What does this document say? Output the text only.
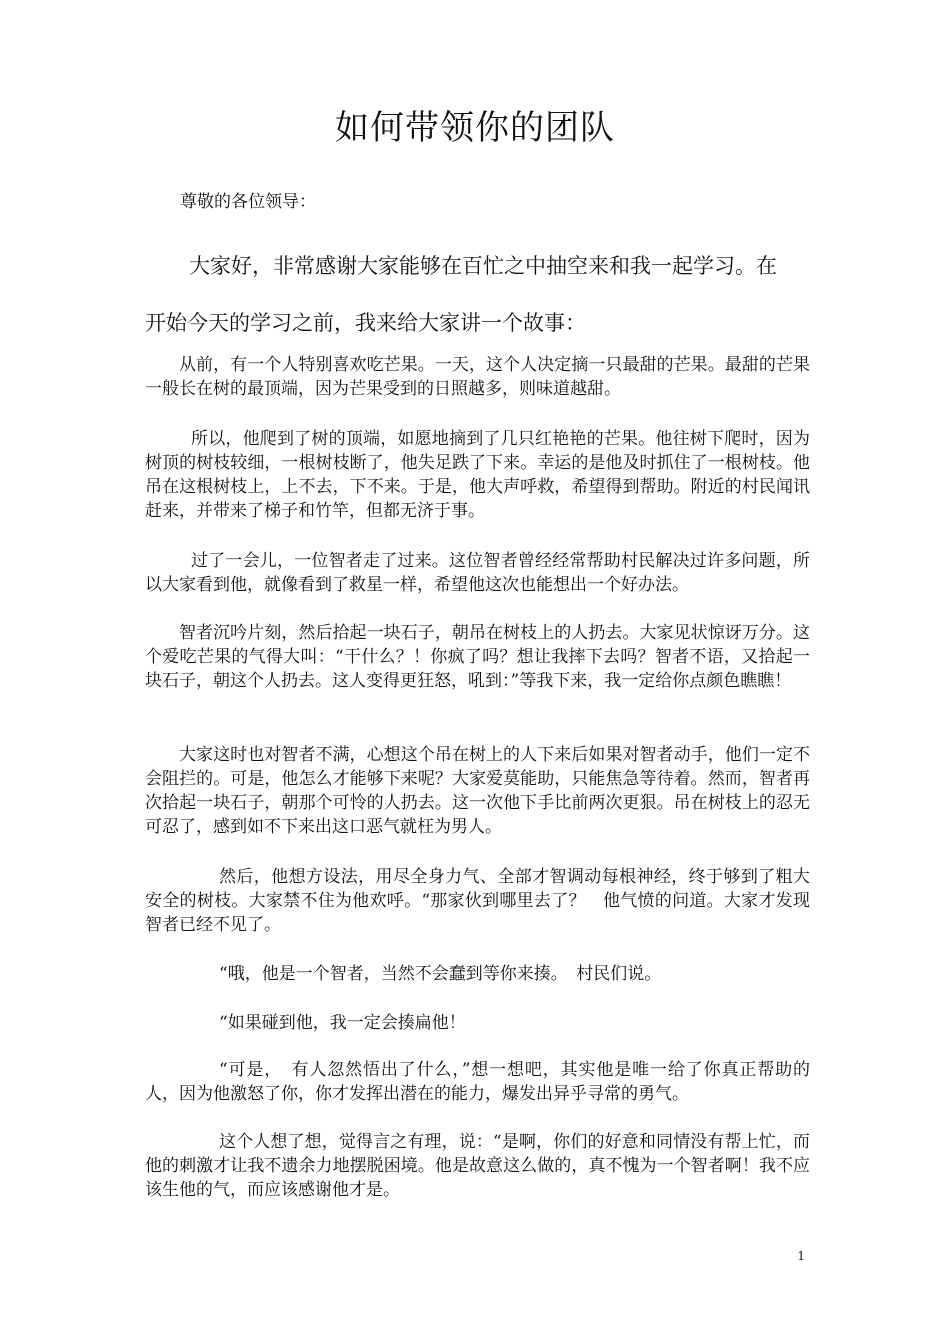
如何带领你的团队
尊敬的各位领导：
大家好，非常感谢大家能够在百忙之中抽空来和我一起学习。在
开始今天的学习之前，我来给大家讲一个故事：
从前，有一个人特别喜欢吃芒果。一天，这个人决定摘一只最甜的芒果。最甜的芒果一般长在树的最顶端，因为芒果受到的日照越多，则味道越甜。
所以，他爬到了树的顶端，如愿地摘到了几只红艳艳的芒果。他往树下爬时，因为树顶的树枝较细，一根树枝断了，他失足跌了下来。幸运的是他及时抓住了一根树枝。他吊在这根树枝上，上不去，下不来。于是，他大声呼救，希望得到帮助。附近的村民闻讯赶来，并带来了梯子和竹竿，但都无济于事。
过了一会儿，一位智者走了过来。这位智者曾经经常帮助村民解决过许多问题，所以大家看到他，就像看到了救星一样，希望他这次也能想出一个好办法。
智者沉吟片刻，然后拾起一块石子，朝吊在树枝上的人扔去。大家见状惊讶万分。这个爱吃芒果的气得大叫：“干什么？！你疯了吗？想让我摔下去吗？智者不语，又拾起一块石子，朝这个人扔去。这人变得更狂怒，吼到：”等我下来，我一定给你点颜色瞧瞧！
大家这时也对智者不满，心想这个吊在树上的人下来后如果对智者动手，他们一定不会阻拦的。可是，他怎么才能够下来呢？大家爱莫能助，只能焦急等待着。然而，智者再次拾起一块石子，朝那个可怜的人扔去。这一次他下手比前两次更狠。吊在树枝上的忍无可忍了，感到如不下来出这口恶气就枉为男人。
然后，他想方设法，用尽全身力气、全部才智调动每根神经，终于够到了粗大安全的树枝。大家禁不住为他欢呼。“那家伙到哪里去了？　他气愤的问道。大家才发现智者已经不见了。
“哦，他是一个智者，当然不会蠢到等你来揍。　村民们说。
“如果碰到他，我一定会揍扁他！
“可是，　有人忽然悟出了什么，”想一想吧，其实他是唯一给了你真正帮助的人，因为他激怒了你，你才发挥出潜在的能力，爆发出异乎寻常的勇气。
这个人想了想，觉得言之有理，说：“是啊，你们的好意和同情没有帮上忙，而他的刺激才让我不遗余力地摆脱困境。他是故意这么做的，真不愧为一个智者啊！我不应该生他的气，而应该感谢他才是。
1
